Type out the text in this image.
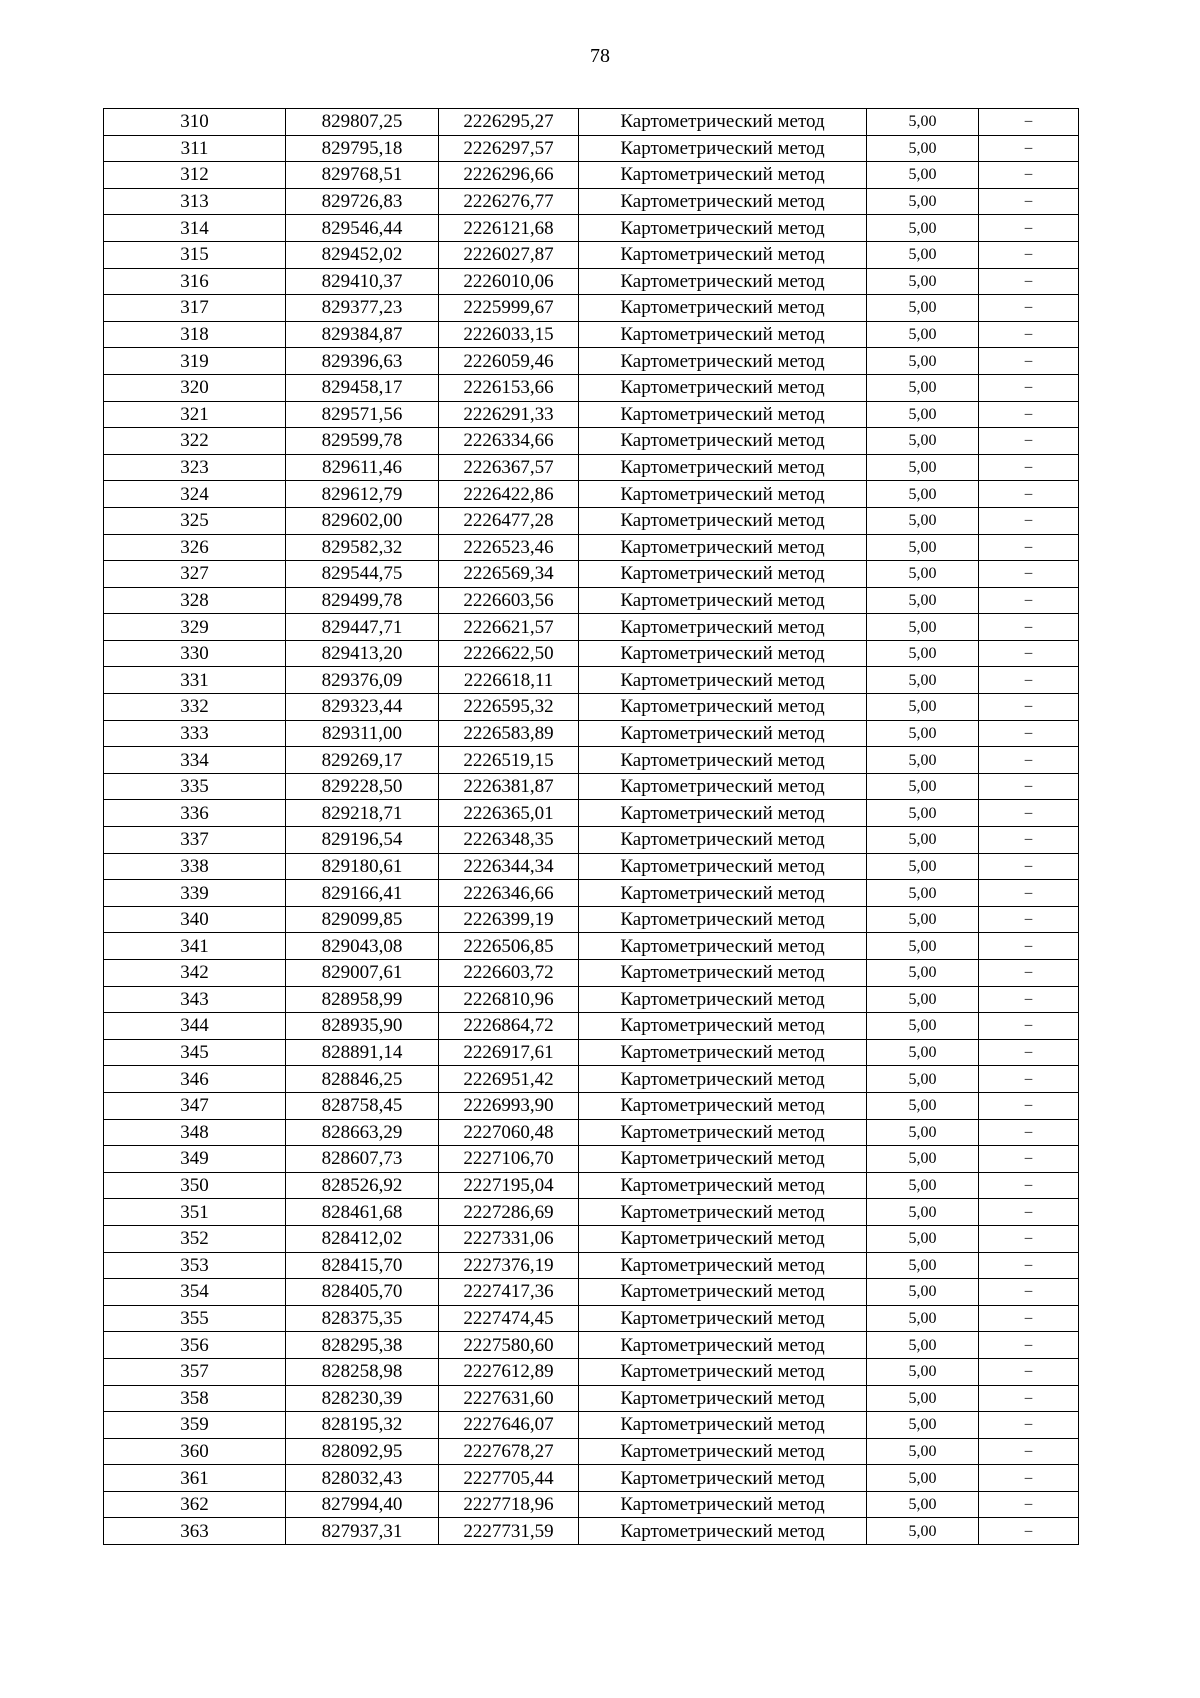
78
310	829807,25	2226295,27	Картометрический метод	5,00	–
311	829795,18	2226297,57	Картометрический метод	5,00	–
312	829768,51	2226296,66	Картометрический метод	5,00	–
313	829726,83	2226276,77	Картометрический метод	5,00	–
314	829546,44	2226121,68	Картометрический метод	5,00	–
315	829452,02	2226027,87	Картометрический метод	5,00	–
316	829410,37	2226010,06	Картометрический метод	5,00	–
317	829377,23	2225999,67	Картометрический метод	5,00	–
318	829384,87	2226033,15	Картометрический метод	5,00	–
319	829396,63	2226059,46	Картометрический метод	5,00	–
320	829458,17	2226153,66	Картометрический метод	5,00	–
321	829571,56	2226291,33	Картометрический метод	5,00	–
322	829599,78	2226334,66	Картометрический метод	5,00	–
323	829611,46	2226367,57	Картометрический метод	5,00	–
324	829612,79	2226422,86	Картометрический метод	5,00	–
325	829602,00	2226477,28	Картометрический метод	5,00	–
326	829582,32	2226523,46	Картометрический метод	5,00	–
327	829544,75	2226569,34	Картометрический метод	5,00	–
328	829499,78	2226603,56	Картометрический метод	5,00	–
329	829447,71	2226621,57	Картометрический метод	5,00	–
330	829413,20	2226622,50	Картометрический метод	5,00	–
331	829376,09	2226618,11	Картометрический метод	5,00	–
332	829323,44	2226595,32	Картометрический метод	5,00	–
333	829311,00	2226583,89	Картометрический метод	5,00	–
334	829269,17	2226519,15	Картометрический метод	5,00	–
335	829228,50	2226381,87	Картометрический метод	5,00	–
336	829218,71	2226365,01	Картометрический метод	5,00	–
337	829196,54	2226348,35	Картометрический метод	5,00	–
338	829180,61	2226344,34	Картометрический метод	5,00	–
339	829166,41	2226346,66	Картометрический метод	5,00	–
340	829099,85	2226399,19	Картометрический метод	5,00	–
341	829043,08	2226506,85	Картометрический метод	5,00	–
342	829007,61	2226603,72	Картометрический метод	5,00	–
343	828958,99	2226810,96	Картометрический метод	5,00	–
344	828935,90	2226864,72	Картометрический метод	5,00	–
345	828891,14	2226917,61	Картометрический метод	5,00	–
346	828846,25	2226951,42	Картометрический метод	5,00	–
347	828758,45	2226993,90	Картометрический метод	5,00	–
348	828663,29	2227060,48	Картометрический метод	5,00	–
349	828607,73	2227106,70	Картометрический метод	5,00	–
350	828526,92	2227195,04	Картометрический метод	5,00	–
351	828461,68	2227286,69	Картометрический метод	5,00	–
352	828412,02	2227331,06	Картометрический метод	5,00	–
353	828415,70	2227376,19	Картометрический метод	5,00	–
354	828405,70	2227417,36	Картометрический метод	5,00	–
355	828375,35	2227474,45	Картометрический метод	5,00	–
356	828295,38	2227580,60	Картометрический метод	5,00	–
357	828258,98	2227612,89	Картометрический метод	5,00	–
358	828230,39	2227631,60	Картометрический метод	5,00	–
359	828195,32	2227646,07	Картометрический метод	5,00	–
360	828092,95	2227678,27	Картометрический метод	5,00	–
361	828032,43	2227705,44	Картометрический метод	5,00	–
362	827994,40	2227718,96	Картометрический метод	5,00	–
363	827937,31	2227731,59	Картометрический метод	5,00	–
